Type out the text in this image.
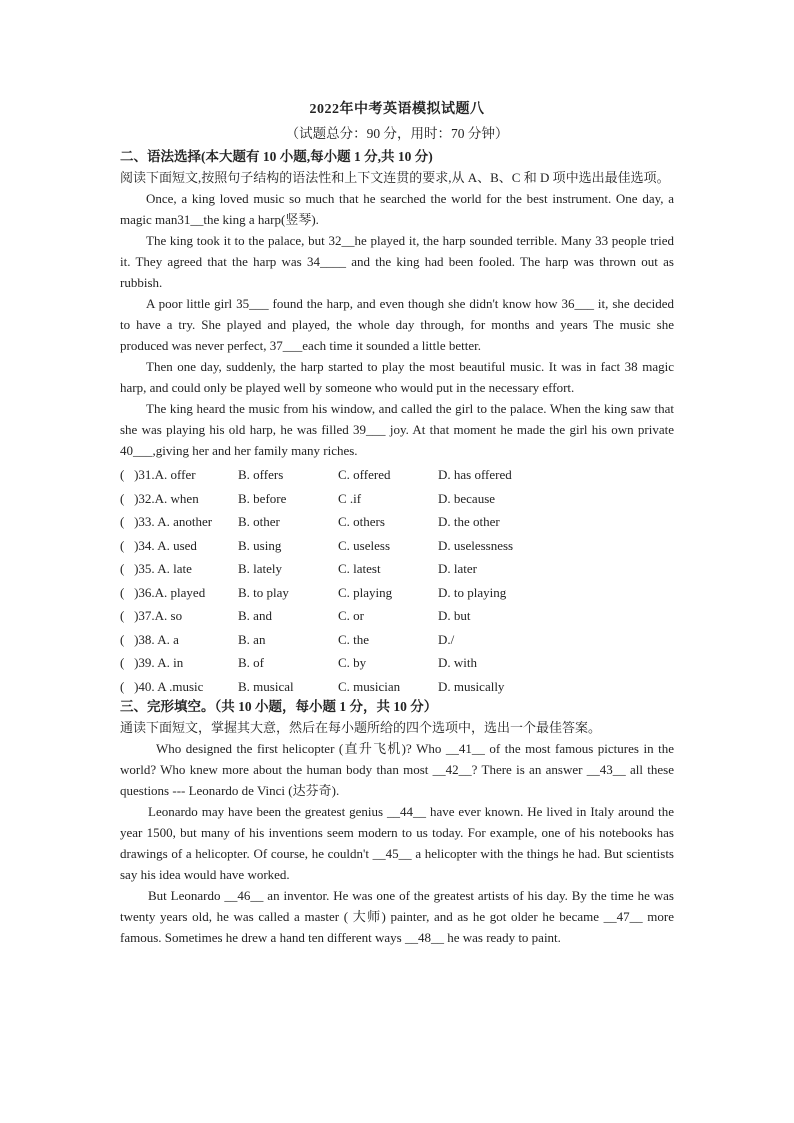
2022年中考英语模拟试题八
（试题总分：90 分，用时：70 分钟）
二、语法选择(本大题有 10 小题,每小题 1 分,共 10 分)

阅读下面短文,按照句子结构的语法性和上下文连贯的要求,从 A、B、C 和 D 项中选出最佳选项。

Once, a king loved music so much that he searched the world for the best instrument. One day, a magic man31__the king a harp(竖琴).

The king took it to the palace, but 32__he played it, the harp sounded terrible. Many 33 people tried it. They agreed that the harp was 34____ and the king had been fooled. The harp was thrown out as rubbish.

A poor little girl 35___ found the harp, and even though she didn't know how 36___ it, she decided to have a try. She played and played, the whole day through, for months and years The music she produced was never perfect, 37___each time it sounded a little better.

Then one day, suddenly, the harp started to play the most beautiful music. It was in fact 38 magic harp, and could only be played well by someone who would put in the necessary effort.

The king heard the music from his window, and called the girl to the palace. When the king saw that she was playing his old harp, he was filled 39___ joy. At that moment he made the girl his own private 40___,giving her and her family many riches.

(   )31.A. offer	B. offers	C. offered	D. has offered
(   )32.A. when	B. before	C .if	D. because
(   )33. A. another	B. other	C. others	D. the other
(   )34. A. used	B. using	C. useless	D. uselessness
(   )35. A. late	B. lately	C. latest	D. later
(   )36.A. played	B. to play	C. playing	D. to playing
(   )37.A. so	B. and	C. or	D. but
(   )38. A. a	B. an	C. the	D./
(   )39. A. in	B. of	C. by	D. with
(   )40. A .music	B. musical	C. musician	D. musically
三、完形填空。（共 10 小题，每小题 1 分，共 10 分）

通读下面短文，掌握其大意，然后在每小题所给的四个选项中，选出一个最佳答案。

Who designed the first helicopter (直升飞机)? Who __41__ of the most famous pictures in the world? Who knew more about the human body than most __42__? There is an answer __43__ all these questions --- Leonardo de Vinci (达芬奇).

Leonardo may have been the greatest genius __44__ have ever known. He lived in Italy around the year 1500, but many of his inventions seem modern to us today. For example, one of his notebooks has drawings of a helicopter. Of course, he couldn't __45__ a helicopter with the things he had. But scientists say his idea would have worked.

But Leonardo __46__ an inventor. He was one of the greatest artists of his day. By the time he was twenty years old, he was called a master ( 大师) painter, and as he got older he became __47__ more famous. Sometimes he drew a hand ten different ways __48__ he was ready to paint.
